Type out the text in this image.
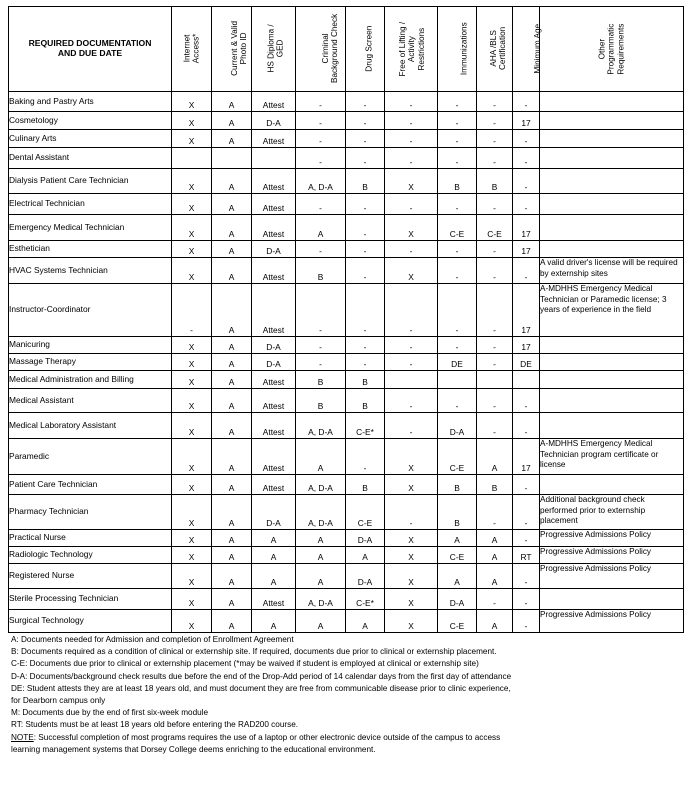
REQUIRED DOCUMENTATION
AND DUE DATE	Internet Access*	Current & Valid Photo ID	HS Diploma / GED	Criminal Background Check	Drug Screen	Free of Lifting / Activity Restrictions	Immunizations	AHA /BLS Certification	Minimum Age	Other Programmatic Requirements

Baking and Pastry Arts	X	A	Attest	-	-	-	-	-	-	
Cosmetology	X	A	D-A	-	-	-	-	-	17	
Culinary Arts	X	A	Attest	-	-	-	-	-	-	
Dental Assistant				-	-	-	-	-	-	
Dialysis Patient Care Technician	X	A	Attest	A, D-A	B	X	B	B	-	
Electrical Technician	X	A	Attest	-	-	-	-	-	-	
Emergency Medical Technician	X	A	Attest	A	-	X	C-E	C-E	17	
Esthetician	X	A	D-A	-	-	-	-	-	17	
HVAC Systems Technician	X	A	Attest	B	-	X	-	-	-	A valid driver's license will be required by externship sites
Instructor-Coordinator	-	A	Attest	-	-	-	-	-	17	A-MDHHS Emergency Medical Technician or Paramedic license; 3 years of experience in the field
Manicuring	X	A	D-A	-	-	-	-	-	17	
Massage Therapy	X	A	D-A	-	-	-	DE	-	DE	
Medical Administration and Billing	X	A	Attest	B	B					
Medical Assistant	X	A	Attest	B	B	-	-	-	-	
Medical Laboratory Assistant	X	A	Attest	A, D-A	C-E*	-	D-A	-	-	
Paramedic	X	A	Attest	A	-	X	C-E	A	17	A-MDHHS Emergency Medical Technician program certificate or license
Patient Care Technician	X	A	Attest	A, D-A	B	X	B	B	-	
Pharmacy Technician	X	A	D-A	A, D-A	C-E	-	B	-	-	Additional background check performed prior to externship placement
Practical Nurse	X	A	A	A	D-A	X	A	A	-	Progressive Admissions Policy
Radiologic Technology	X	A	A	A	A	X	C-E	A	RT	Progressive Admissions Policy
Registered Nurse	X	A	A	A	D-A	X	A	A	-	Progressive Admissions Policy
Sterile Processing Technician	X	A	Attest	A, D-A	C-E*	X	D-A	-	-	
Surgical Technology	X	A	A	A	A	X	C-E	A	-	Progressive Admissions Policy
A: Documents needed for Admission and completion of Enrollment Agreement
B: Documents required as a condition of clinical or externship site. If required, documents due prior to clinical or externship placement.
C-E: Documents due prior to clinical or externship placement (*may be waived if student is employed at clinical or externship site)
D-A: Documents/background check results due before the end of the Drop-Add period of 14 calendar days from the first day of attendance
DE: Student attests they are at least 18 years old, and must document they are free from communicable disease prior to clinic experience,
for Dearborn campus only
M: Documents due by the end of first six-week module
RT: Students must be at least 18 years old before entering the RAD200 course.
NOTE: Successful completion of most programs requires the use of a laptop or other electronic device outside of the campus to access
learning management systems that Dorsey College deems enriching to the educational environment.
